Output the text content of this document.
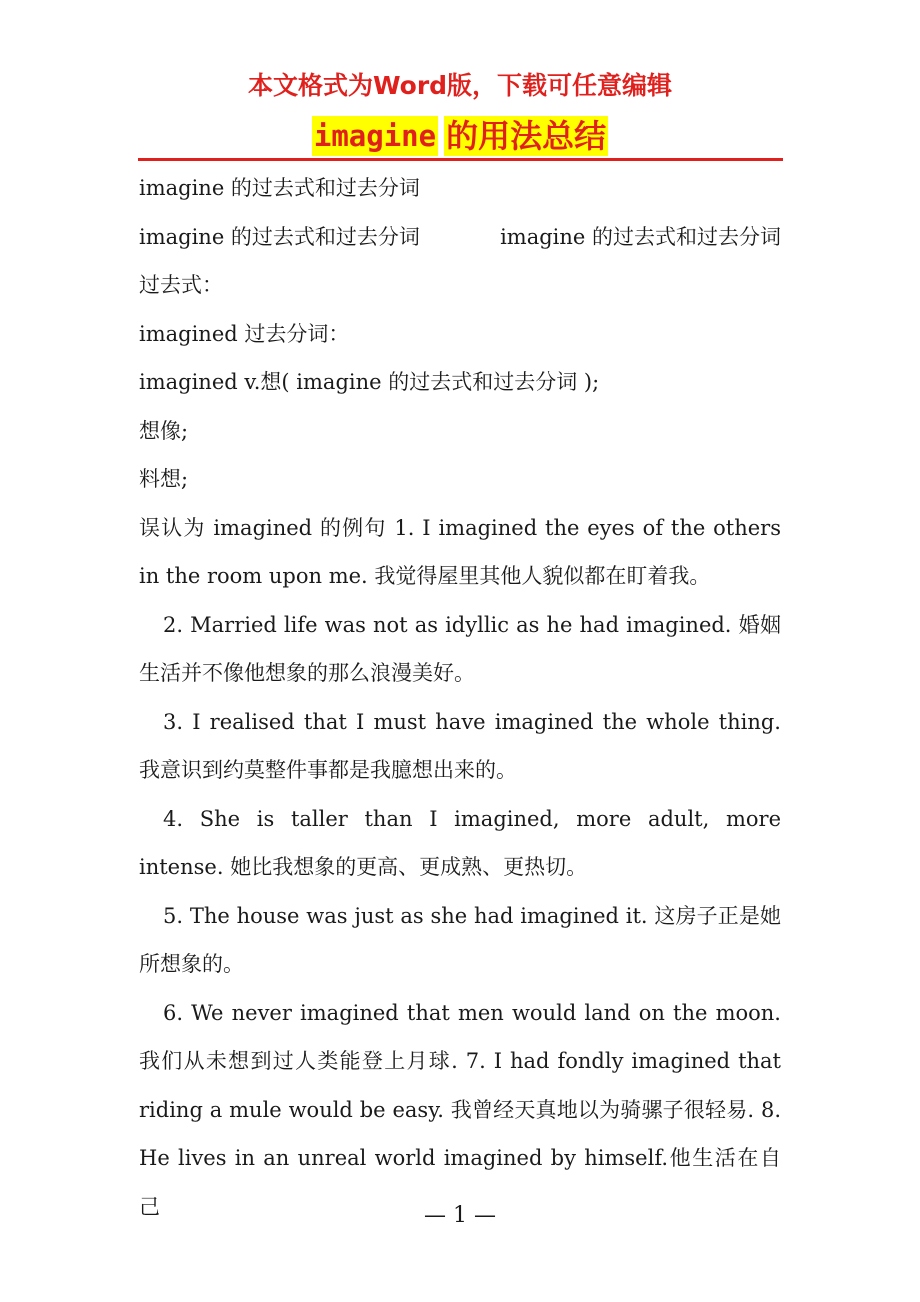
本文格式为Word版，下载可任意编辑
imagine 的用法总结

imagine 的过去式和过去分词

imagine 的过去式和过去分词	imagine 的过去式和过去分词

过去式：

imagined 过去分词：

imagined v.想( imagine 的过去式和过去分词 );

想像;

料想;

误认为 imagined 的例句 1. I imagined the eyes of the others in the room upon me. 我觉得屋里其他人貌似都在盯着我。

2. Married life was not as idyllic as he had imagined. 婚姻生活并不像他想象的那么浪漫美好。

3. I realised that I must have imagined the whole thing. 我意识到约莫整件事都是我臆想出来的。

4. She is taller than I imagined, more adult, more intense. 她比我想象的更高、更成熟、更热切。

5. The house was just as she had imagined it. 这房子正是她所想象的。

6. We never imagined that men would land on the moon. 我们从未想到过人类能登上月球. 7. I had fondly imagined that riding a mule would be easy. 我曾经天真地以为骑骡子很轻易. 8. He lives in an unreal world imagined by himself.他生活在自己	— 1 —
